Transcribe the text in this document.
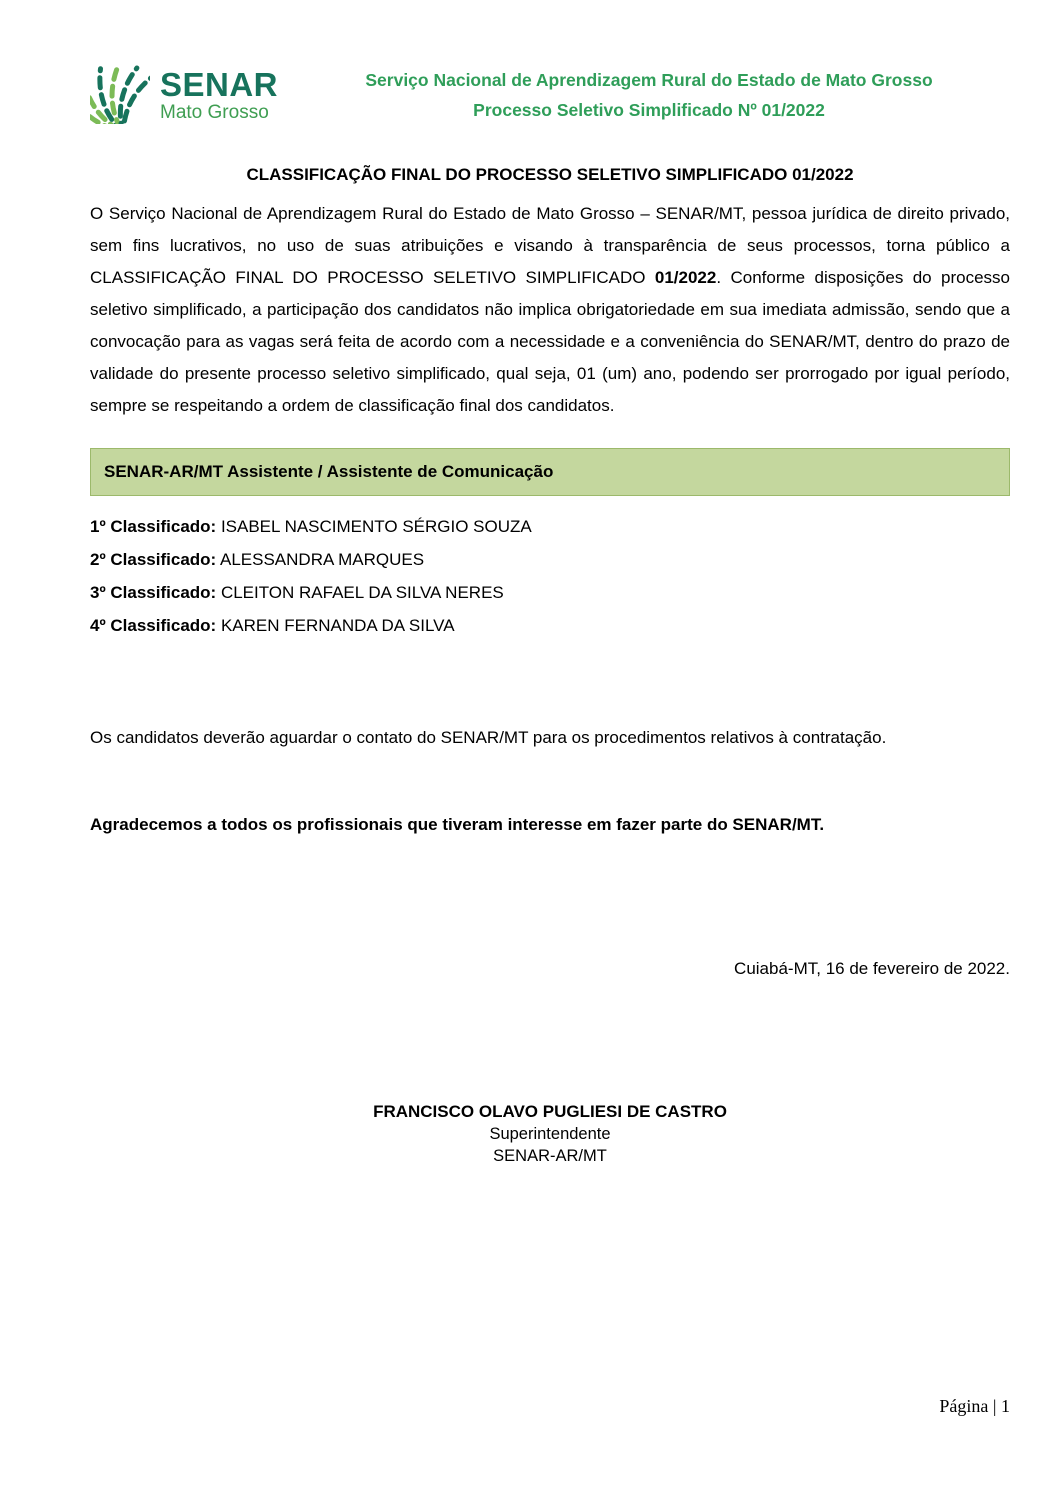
SENAR
Mato Grosso
Serviço Nacional de Aprendizagem Rural do Estado de Mato Grosso
Processo Seletivo Simplificado Nº 01/2022
CLASSIFICAÇÃO FINAL DO PROCESSO SELETIVO SIMPLIFICADO 01/2022

O Serviço Nacional de Aprendizagem Rural do Estado de Mato Grosso – SENAR/MT, pessoa jurídica de direito privado, sem fins lucrativos, no uso de suas atribuições e visando à transparência de seus processos, torna público a CLASSIFICAÇÃO FINAL DO PROCESSO SELETIVO SIMPLIFICADO 01/2022. Conforme disposições do processo seletivo simplificado, a participação dos candidatos não implica obrigatoriedade em sua imediata admissão, sendo que a convocação para as vagas será feita de acordo com a necessidade e a conveniência do SENAR/MT, dentro do prazo de validade do presente processo seletivo simplificado, qual seja, 01 (um) ano, podendo ser prorrogado por igual período, sempre se respeitando a ordem de classificação final dos candidatos.

SENAR-AR/MT Assistente / Assistente de Comunicação
1º Classificado: ISABEL NASCIMENTO SÉRGIO SOUZA
2º Classificado: ALESSANDRA MARQUES
3º Classificado: CLEITON RAFAEL DA SILVA NERES
4º Classificado: KAREN FERNANDA DA SILVA

Os candidatos deverão aguardar o contato do SENAR/MT para os procedimentos relativos à contratação.

Agradecemos a todos os profissionais que tiveram interesse em fazer parte do SENAR/MT.

Cuiabá-MT, 16 de fevereiro de 2022.
FRANCISCO OLAVO PUGLIESI DE CASTRO
Superintendente
SENAR-AR/MT
Página | 1
